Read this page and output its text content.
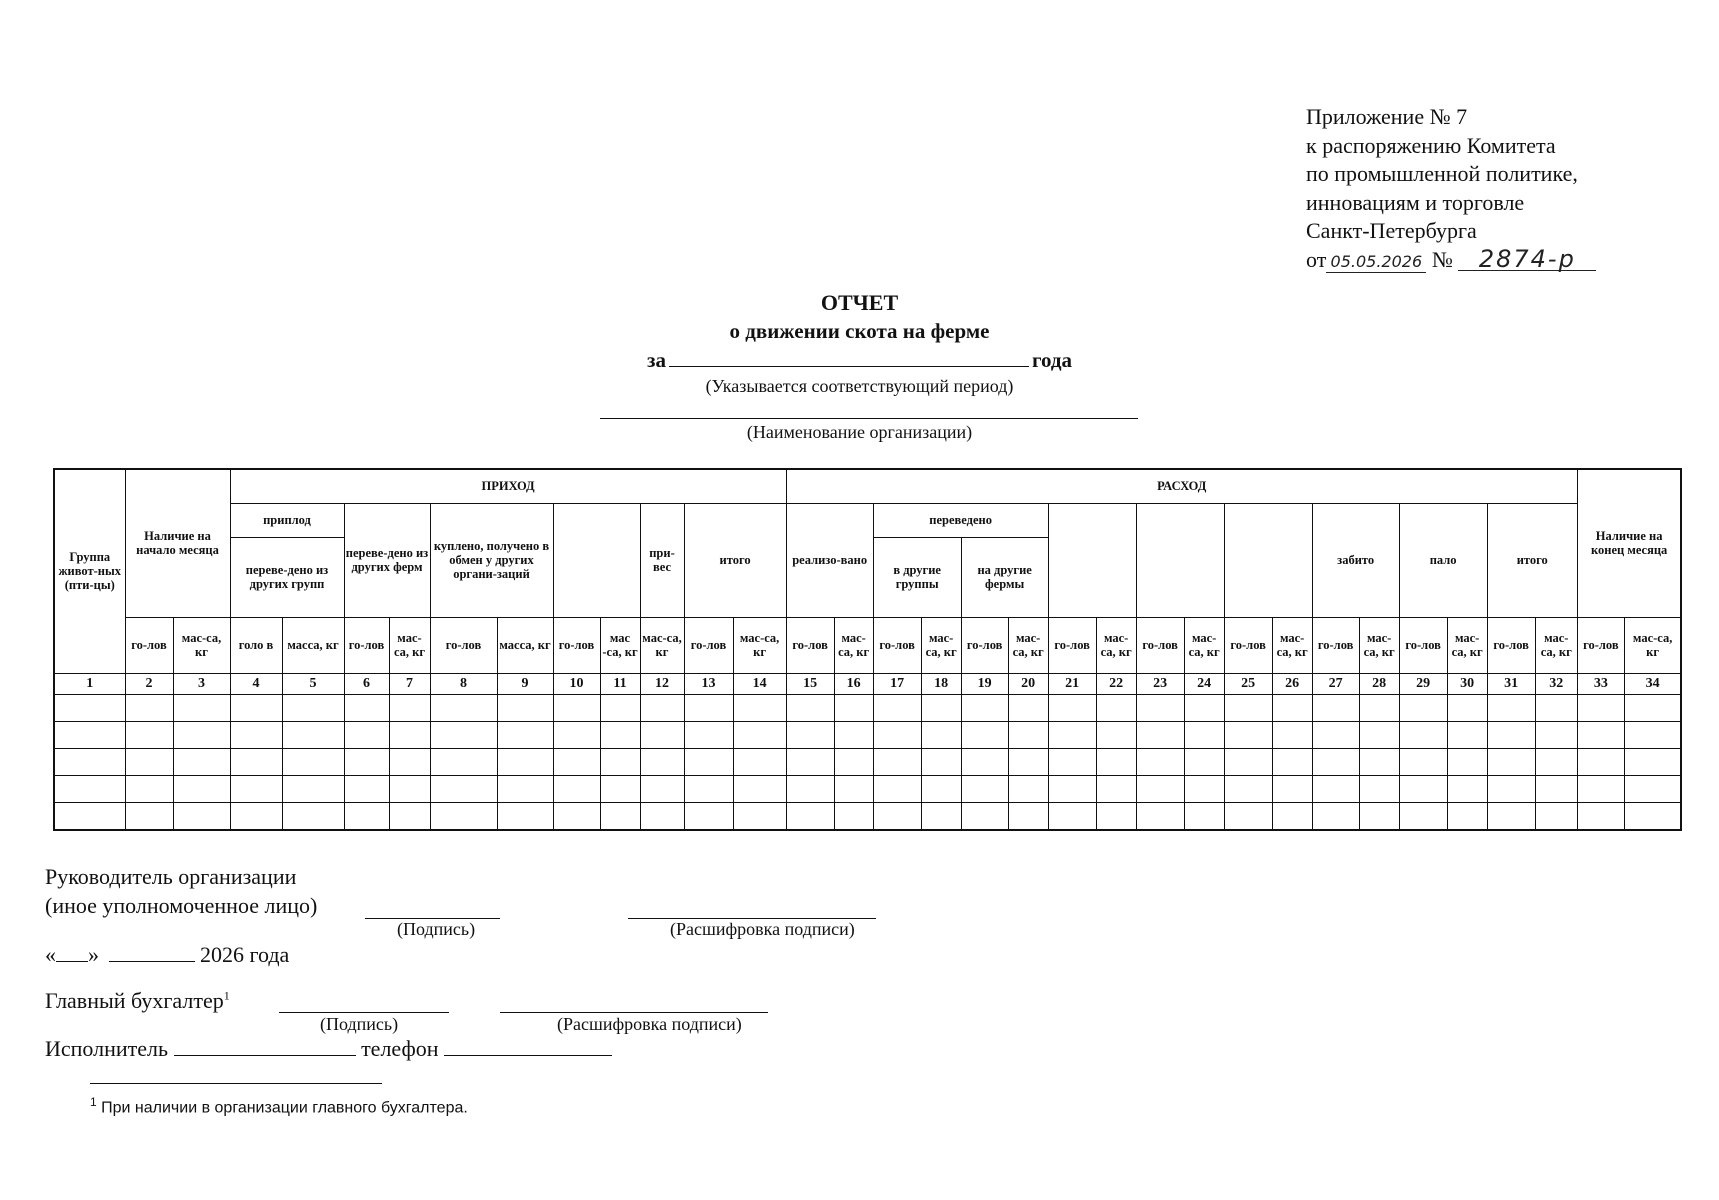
Приложение № 7
к распоряжению Комитета
по промышленной политике,
инновациям и торговле
Санкт-Петербурга
от 05.05.2026 № 2874-р
ОТЧЕТ
о движении скота на ферме
за	года
(Указывается соответствующий период)
(Наименование организации)
Группа живот-ных (пти-цы)	Наличие на начало месяца		ПРИХОД											РАСХОД																		Наличие на конец месяца	
			приплод		переве-дено из других ферм		куплено, получено в обмен у других органи-заций				при-вес	итого		реализо-вано		переведено										забито		пало		итого			
			переве-дено из других групп													в другие группы		на другие фермы															
	го-лов	мас-са, кг	голо в	масса, кг	го-лов	мас-са, кг	го-лов	масса, кг	го-лов	мас -са, кг	мас-са, кг	го-лов	мас-са, кг	го-лов	мас-са, кг	го-лов	мас-са, кг	го-лов	мас-са, кг	го-лов	мас-са, кг	го-лов	мас-са, кг	го-лов	мас-са, кг	го-лов	мас-са, кг	го-лов	мас-са, кг	го-лов	мас-са, кг	го-лов	мас-са, кг
1	2	3	4	5	6	7	8	9	10	11	12	13	14	15	16	17	18	19	20	21	22	23	24	25	26	27	28	29	30	31	32	33	34

Руководитель организации
(иное уполномоченное лицо)
(Подпись)	(Расшифровка подписи)
« »	2026 года
Главный бухгалтер$^1$
(Подпись)	(Расшифровка подписи)
Исполнитель	телефон
$^1$ При наличии в организации главного бухгалтера.
